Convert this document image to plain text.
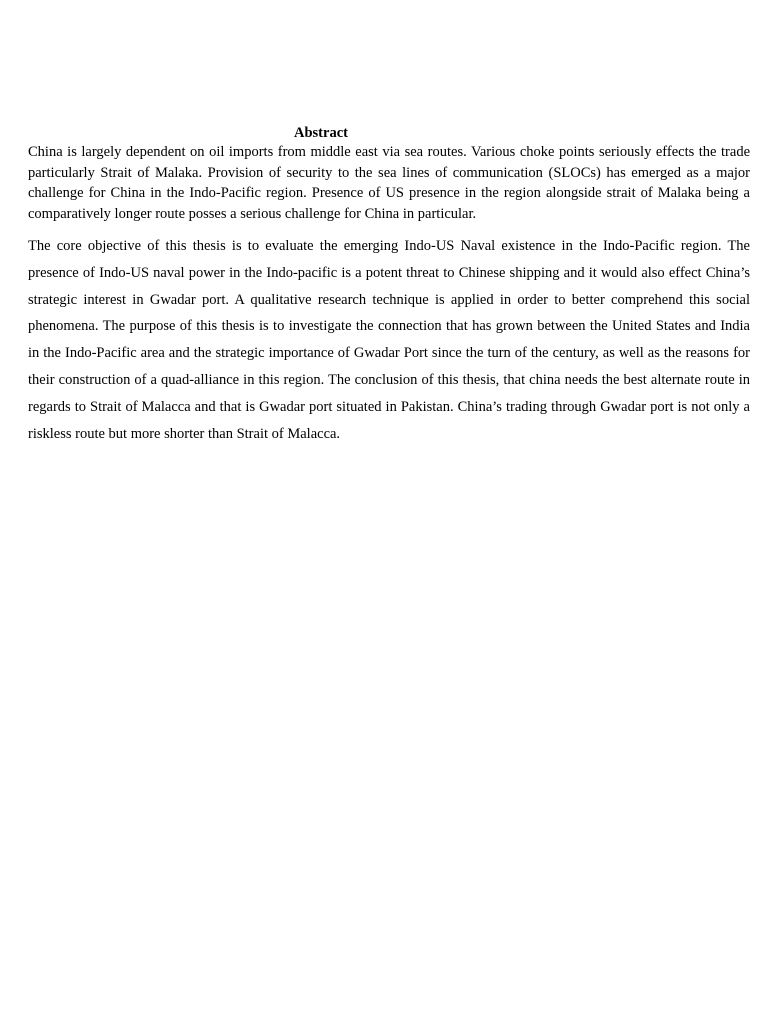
Abstract

China is largely dependent on oil imports from middle east via sea routes. Various choke points seriously effects the trade particularly Strait of Malaka. Provision of security to the sea lines of communication (SLOCs) has emerged as a major challenge for China in the Indo-Pacific region. Presence of US presence in the region alongside strait of Malaka being a comparatively longer route posses a serious challenge for China in particular.

The core objective of this thesis is to evaluate the emerging Indo-US Naval existence in the Indo-Pacific region. The presence of Indo-US naval power in the Indo-pacific is a potent threat to Chinese shipping and it would also effect China’s strategic interest in Gwadar port. A qualitative research technique is applied in order to better comprehend this social phenomena. The purpose of this thesis is to investigate the connection that has grown between the United States and India in the Indo-Pacific area and the strategic importance of Gwadar Port since the turn of the century, as well as the reasons for their construction of a quad-alliance in this region. The conclusion of this thesis, that china needs the best alternate route in regards to Strait of Malacca and that is Gwadar port situated in Pakistan. China’s trading through Gwadar port is not only a riskless route but more shorter than Strait of Malacca.
